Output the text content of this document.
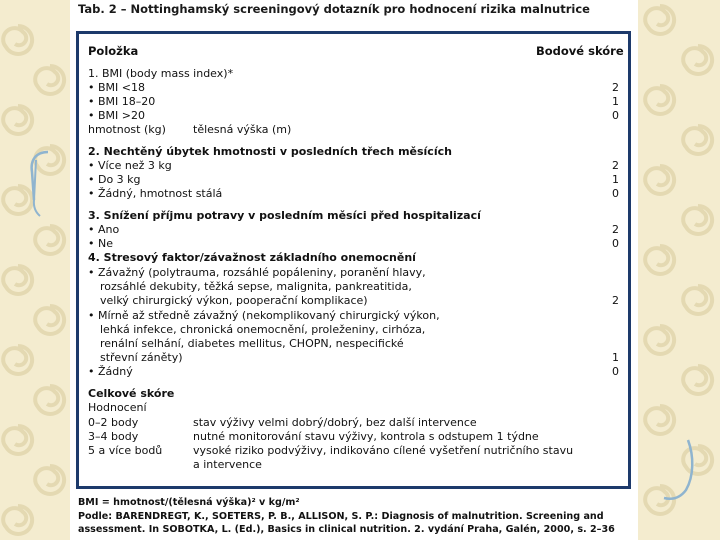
Tab. 2 – Nottinghamský screeningový dotazník pro hodnocení rizika malnutrice
Položka	Bodové skóre
1. BMI (body mass index)*
• BMI <18	2
• BMI 18–20	1
• BMI >20	0
hmotnost (kg) tělesná výška (m)
2. Nechtěný úbytek hmotnosti v posledních třech měsících
• Více než 3 kg	2
• Do 3 kg	1
• Žádný, hmotnost stálá	0
3. Snížení příjmu potravy v posledním měsíci před hospitalizací
• Ano	2
• Ne	0
4. Stresový faktor/závažnost základního onemocnění
• Závažný (polytrauma, rozsáhlé popáleniny, poranění hlavy,
rozsáhlé dekubity, těžká sepse, malignita, pankreatitida,
velký chirurgický výkon, pooperační komplikace)	2
• Mírně až středně závažný (nekomplikovaný chirurgický výkon,
lehká infekce, chronická onemocnění, proleženiny, cirhóza,
renální selhání, diabetes mellitus, CHOPN, nespecifické
střevní záněty)	1
• Žádný	0
Celkové skóre
Hodnocení
0–2 body	stav výživy velmi dobrý/dobrý, bez další intervence
3–4 body	nutné monitorování stavu výživy, kontrola s odstupem 1 týdne
5 a více bodů	vysoké riziko podvýživy, indikováno cílené vyšetření nutričního stavu
a intervence
BMI = hmotnost/(tělesná výška)² v kg/m²
Podle: BARENDREGT, K., SOETERS, P. B., ALLISON, S. P.: Diagnosis of malnutrition. Screening and
assessment. In SOBOTKA, L. (Ed.), Basics in clinical nutrition. 2. vydání Praha, Galén, 2000, s. 2–36
